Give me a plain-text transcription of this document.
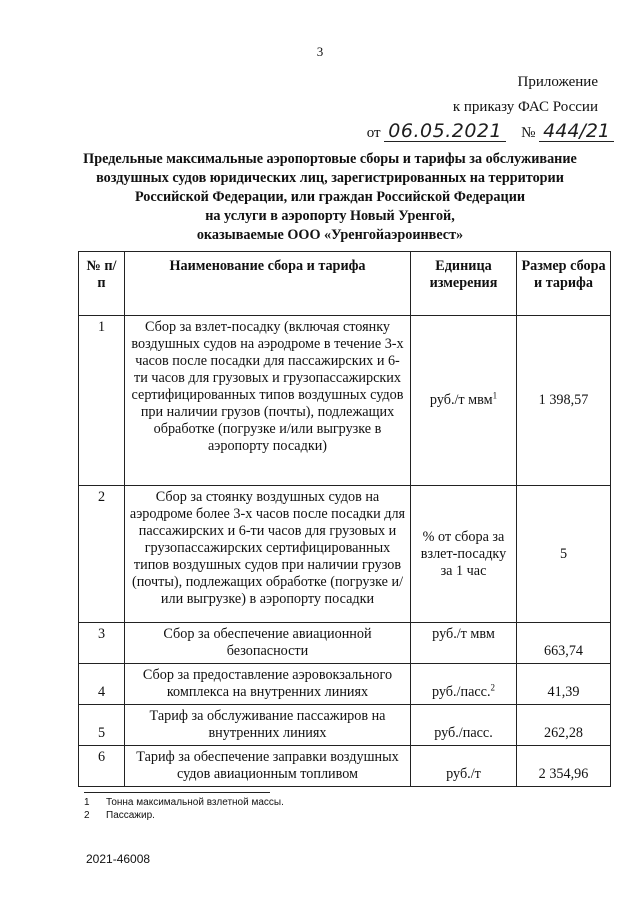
3
Приложение
к приказу ФАС России
от 06.05.2021 № 444/21
Предельные максимальные аэропортовые сборы и тарифы за обслуживание
воздушных судов юридических лиц, зарегистрированных на территории
Российской Федерации, или граждан Российской Федерации
на услуги в аэропорту Новый Уренгой,
оказываемые ООО «Уренгойаэроинвест»
№ п/п	Наименование сбора и тарифа	Единица измерения	Размер сбора и тарифа
1	Сбор за взлет-посадку (включая стоянку воздушных судов на аэродроме в течение 3-х часов после посадки для пассажирских и 6-ти часов для грузовых и грузопассажирских сертифицированных типов воздушных судов при наличии грузов (почты), подлежащих обработке (погрузке и/или выгрузке в аэропорту посадки)	руб./т мвм$^1$	1 398,57
2	Сбор за стоянку воздушных судов на аэродроме более 3-х часов после посадки для пассажирских и 6-ти часов для грузовых и грузопассажирских сертифицированных типов воздушных судов при наличии грузов (почты), подлежащих обработке (погрузке и/или выгрузке) в аэропорту посадки	% от сбора за взлет-посадку за 1 час	5
3	Сбор за обеспечение авиационной безопасности	руб./т мвм	663,74
4	Сбор за предоставление аэровокзального комплекса на внутренних линиях	руб./пасс.$^2$	41,39
5	Тариф за обслуживание пассажиров на внутренних линиях	руб./пасс.	262,28
6	Тариф за обеспечение заправки воздушных судов авиационным топливом	руб./т	2 354,96
1 Тонна максимальной взлетной массы.
2 Пассажир.
2021-46008
